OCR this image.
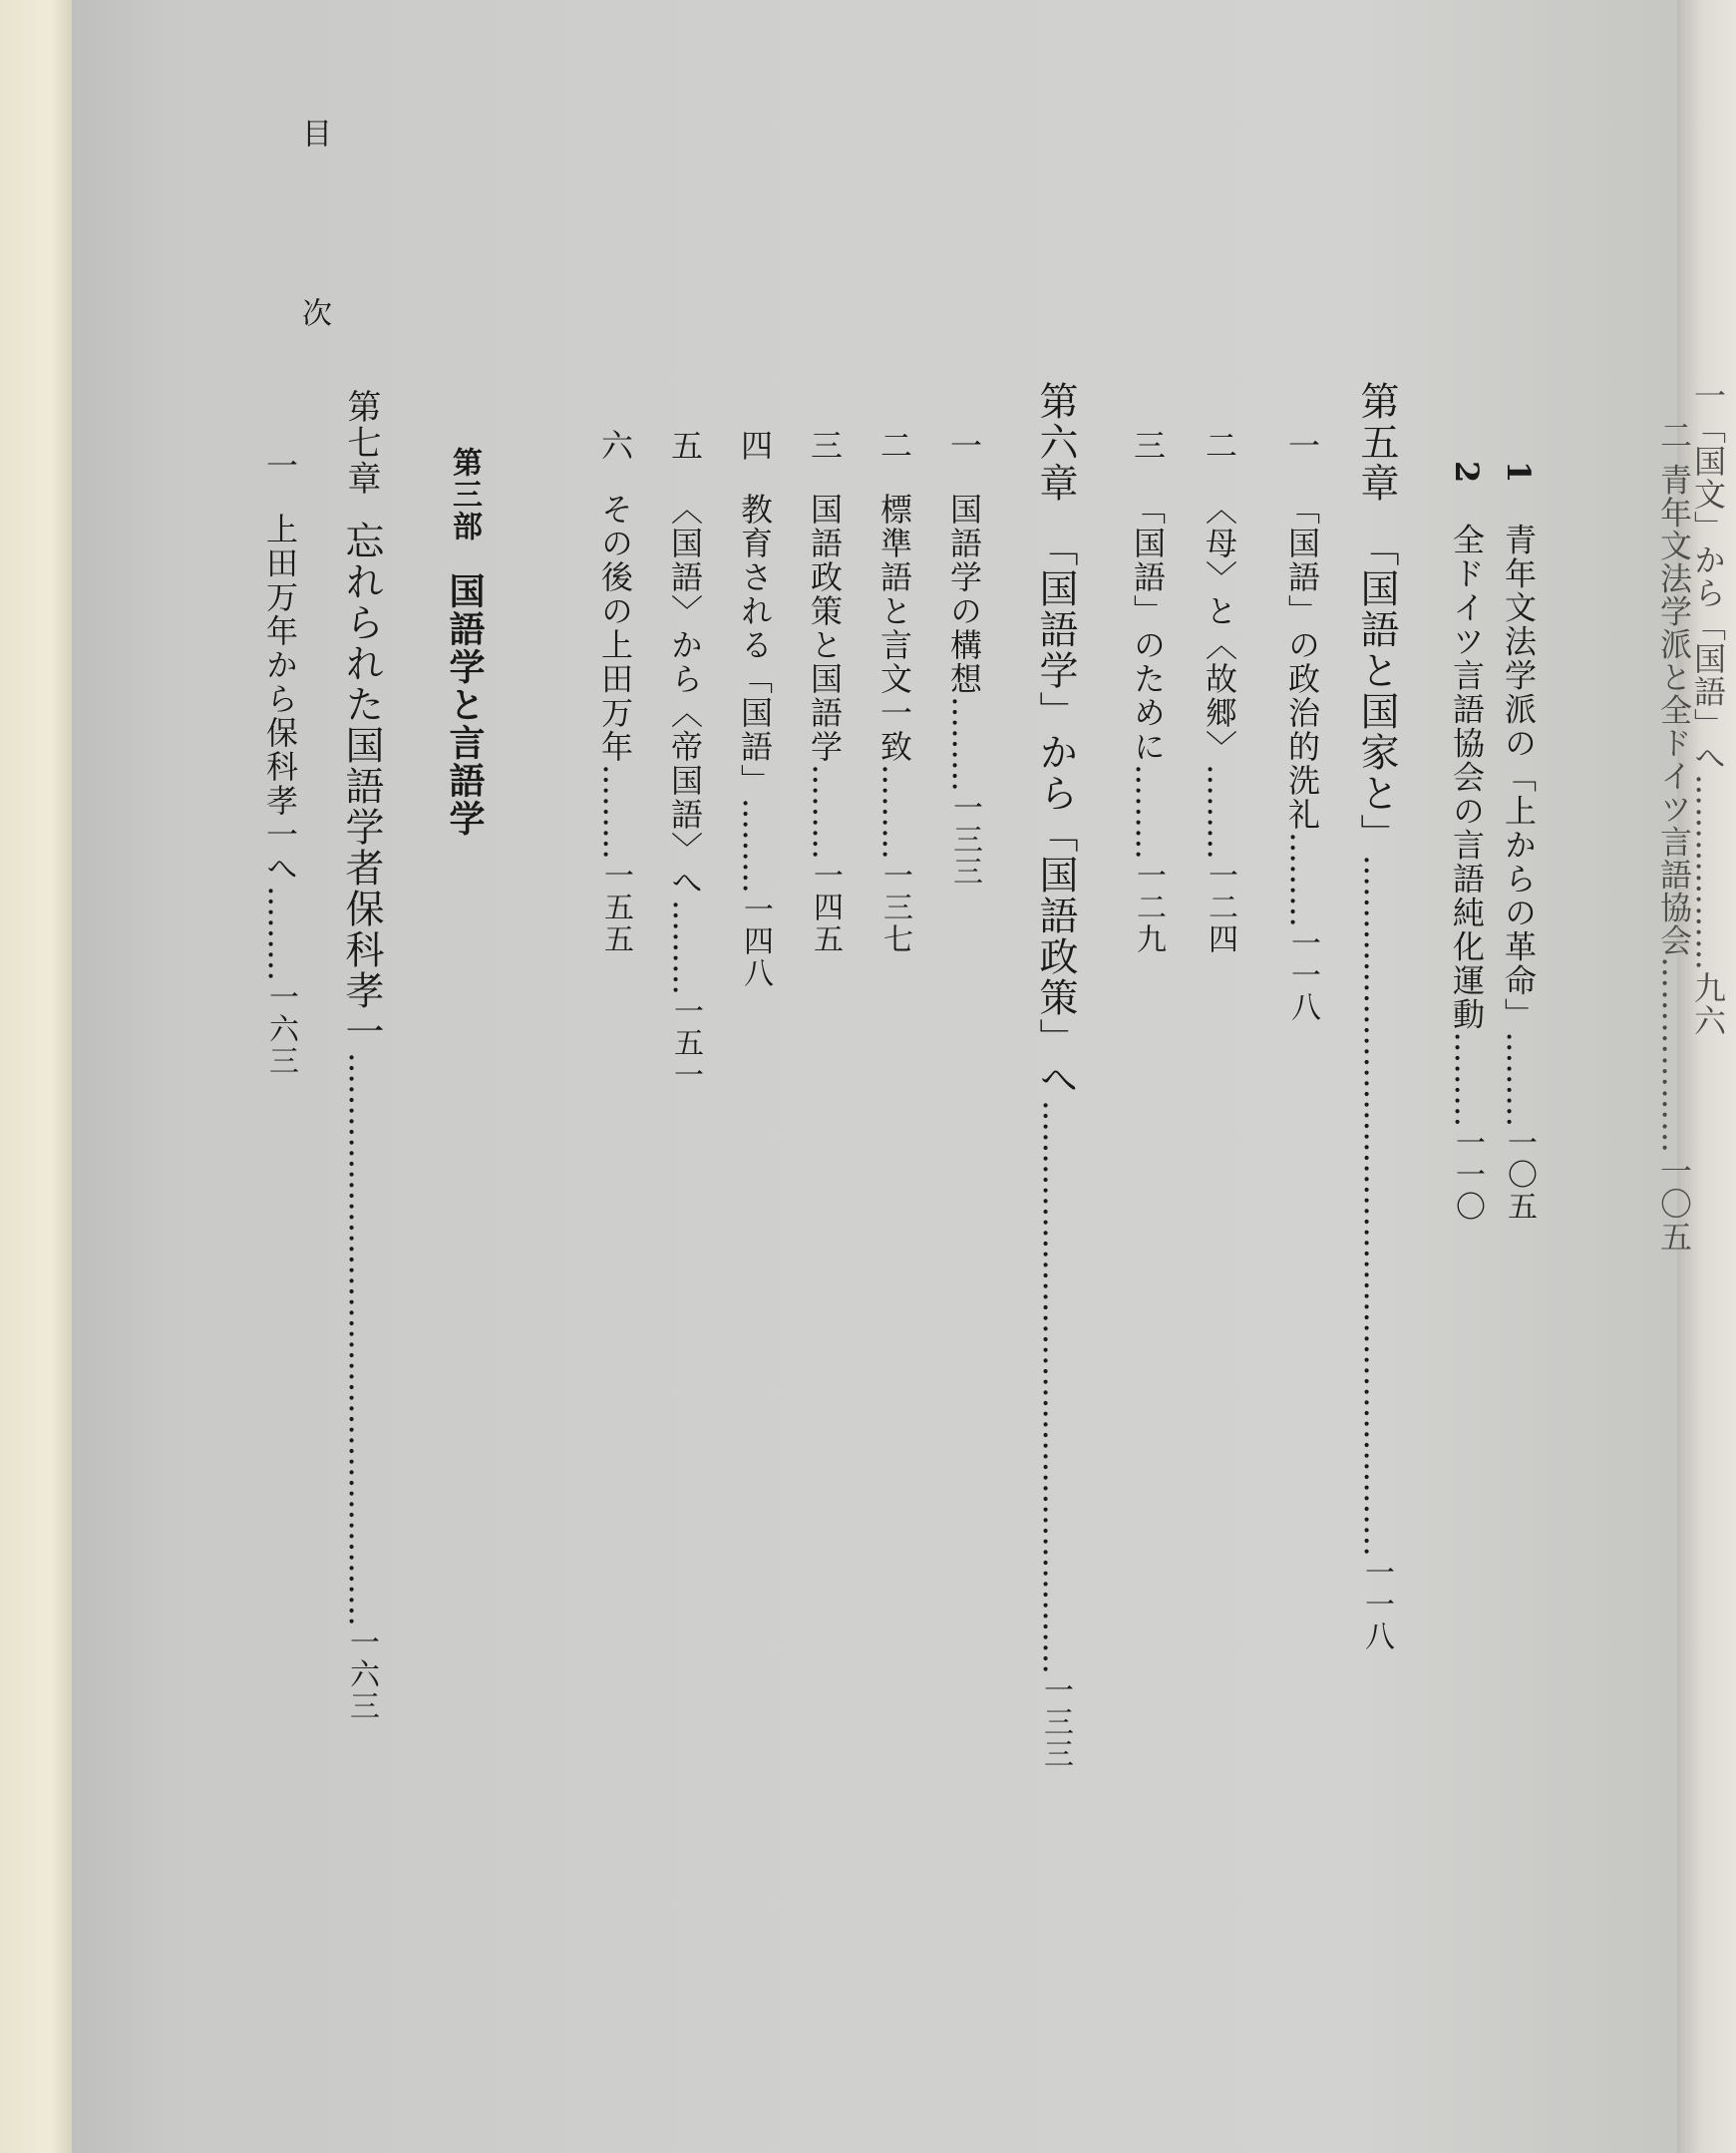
目　次
1青年文法学派の「上からの革命」………一〇五
2全ドイツ言語協会の言語純化運動………一一〇
第五章「国語と国家と」…………………………………………………………一一八
一「国語」の政治的洗礼………一一八
二〈母〉と〈故郷〉………一二四
三「国語」のために………一二九
第六章「国語学」から「国語政策」へ………………………………………………一三三
一国語学の構想………一三三
二標準語と言文一致………一三七
三国語政策と国語学………一四五
四教育される「国語」………一四八
五〈国語〉から〈帝国語〉へ………一五一
六その後の上田万年………一五五
第三部国語学と言語学
第七章忘れられた国語学者保科孝一………………………………………………一六三
一上田万年から保科孝一へ………一六三	一「国文」から「国語」へ………………九六
二 青年文法学派と全ドイツ言語協会………………一〇五
